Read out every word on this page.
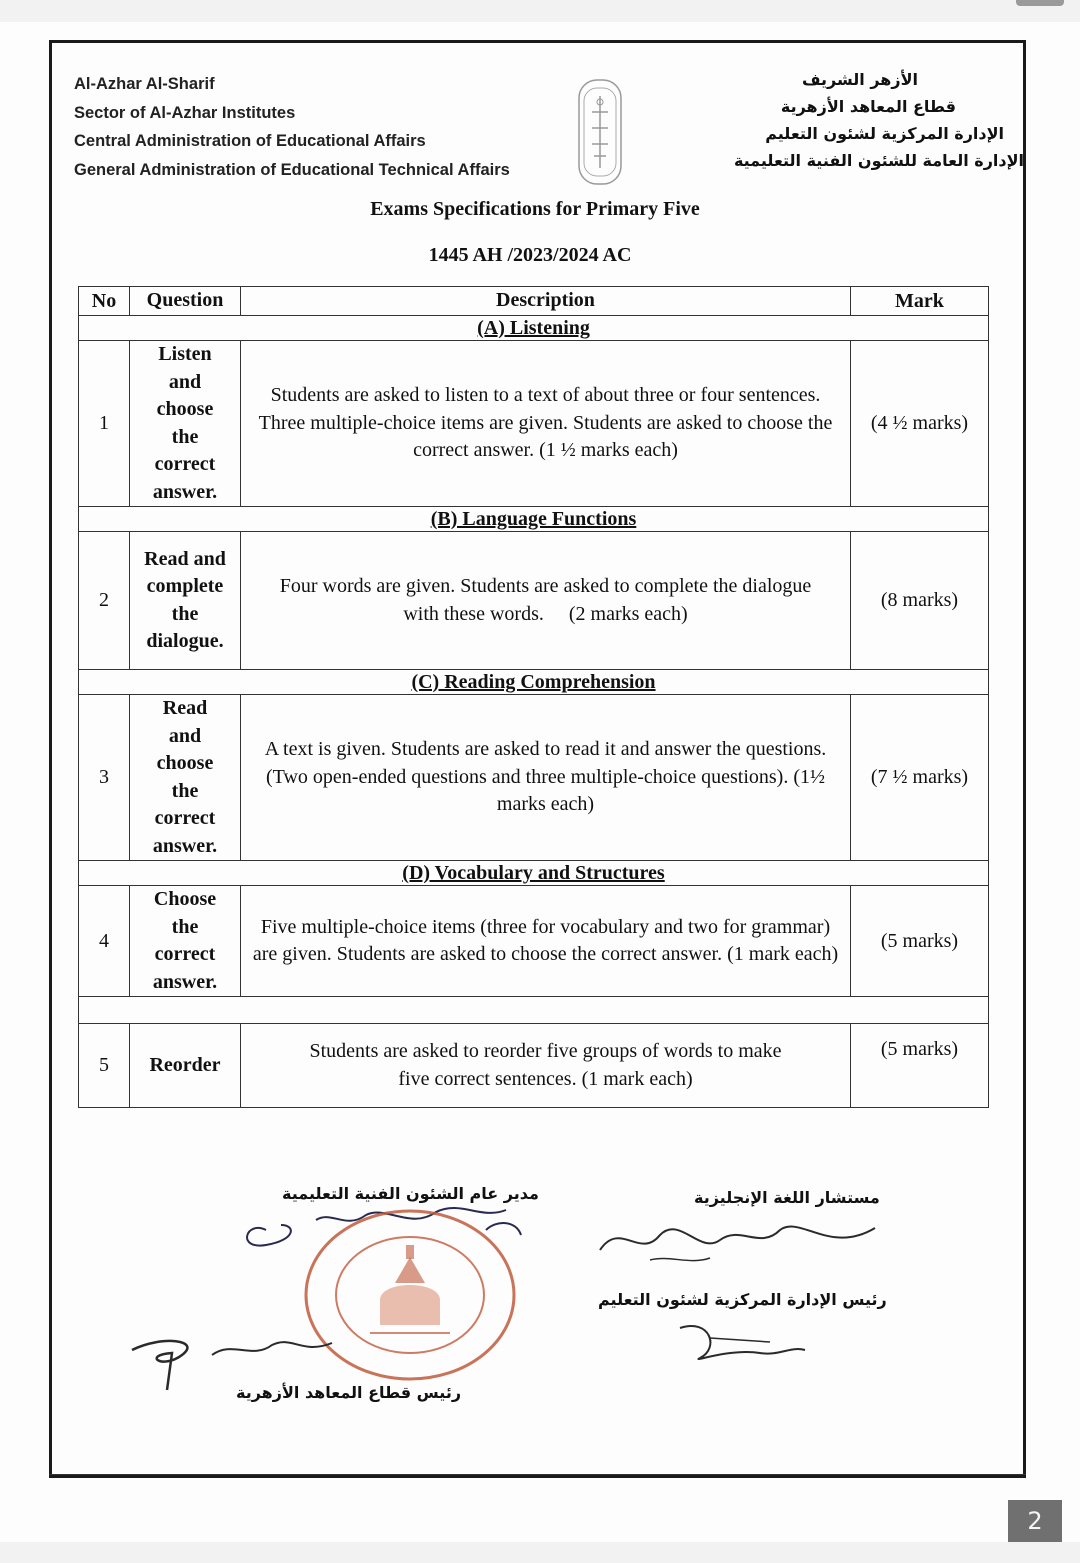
Al-Azhar Al-Sharif
Sector of Al-Azhar Institutes
Central Administration of Educational Affairs
General Administration of Educational Technical Affairs
الأزهر الشريف
قطاع المعاهد الأزهرية
الإدارة المركزية لشئون التعليم
الإدارة العامة للشئون الفنية التعليمية
Exams Specifications for Primary Five
1445 AH /2023/2024 AC
No	Question	Description	Mark
(A) Listening			
1	Listen and choose the correct answer.	Students are asked to listen to a text of about three or four sentences. Three multiple-choice items are given. Students are asked to choose the correct answer. (1 ½ marks each)	(4 ½ marks)
(B) Language Functions			
2	Read and complete the dialogue.	Four words are given. Students are asked to complete the dialogue with these words.     (2 marks each)	(8 marks)
(C) Reading Comprehension			
3	Read and choose the correct answer.	A text is given. Students are asked to read it and answer the questions. (Two open-ended questions and three multiple-choice questions). (1½ marks each)	(7 ½ marks)
(D) Vocabulary and Structures			
4	Choose the correct answer.	Five multiple-choice items (three for vocabulary and two for grammar) are given. Students are asked to choose the correct answer. (1 mark each)	(5 marks)

5	Reorder	Students are asked to reorder five groups of words to make five correct sentences. (1 mark each)	(5 marks)
مدير عام الشئون الفنية التعليمية	مستشار اللغة الإنجليزية
رئيس الإدارة المركزية لشئون التعليم
رئيس قطاع المعاهد الأزهرية
2
